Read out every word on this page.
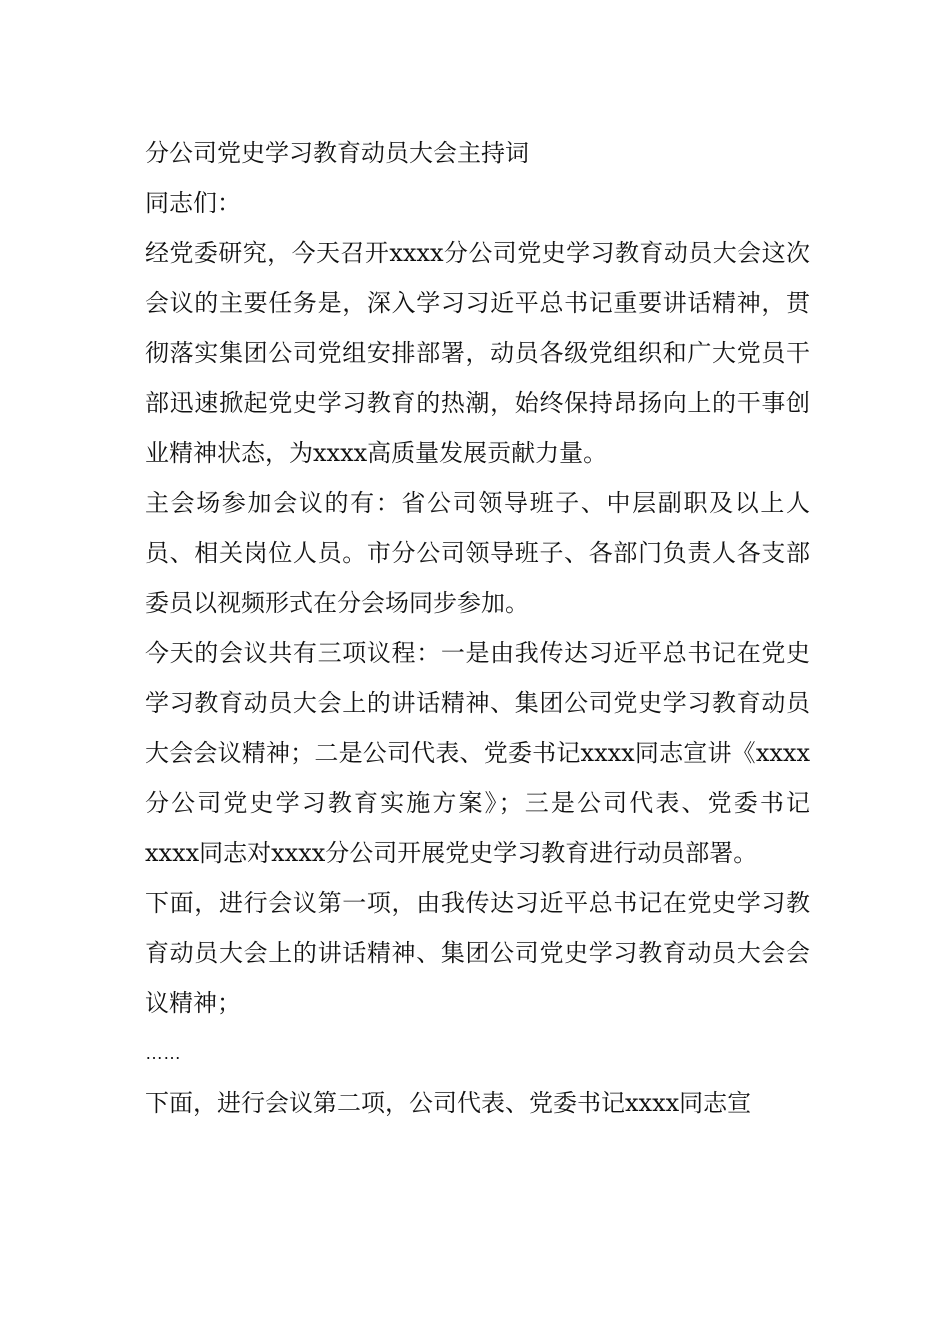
分公司党史学习教育动员大会主持词

同志们：

经党委研究，今天召开xxxx分公司党史学习教育动员大会这次会议的主要任务是，深入学习习近平总书记重要讲话精神，贯彻落实集团公司党组安排部署，动员各级党组织和广大党员干部迅速掀起党史学习教育的热潮，始终保持昂扬向上的干事创业精神状态，为xxxx高质量发展贡献力量。

主会场参加会议的有：省公司领导班子、中层副职及以上人员、相关岗位人员。市分公司领导班子、各部门负责人各支部委员以视频形式在分会场同步参加。

今天的会议共有三项议程：一是由我传达习近平总书记在党史学习教育动员大会上的讲话精神、集团公司党史学习教育动员大会会议精神；二是公司代表、党委书记xxxx同志宣讲《xxxx分公司党史学习教育实施方案》；三是公司代表、党委书记xxxx同志对xxxx分公司开展党史学习教育进行动员部署。

下面，进行会议第一项，由我传达习近平总书记在党史学习教育动员大会上的讲话精神、集团公司党史学习教育动员大会会议精神；

……

下面，进行会议第二项，公司代表、党委书记xxxx同志宣
